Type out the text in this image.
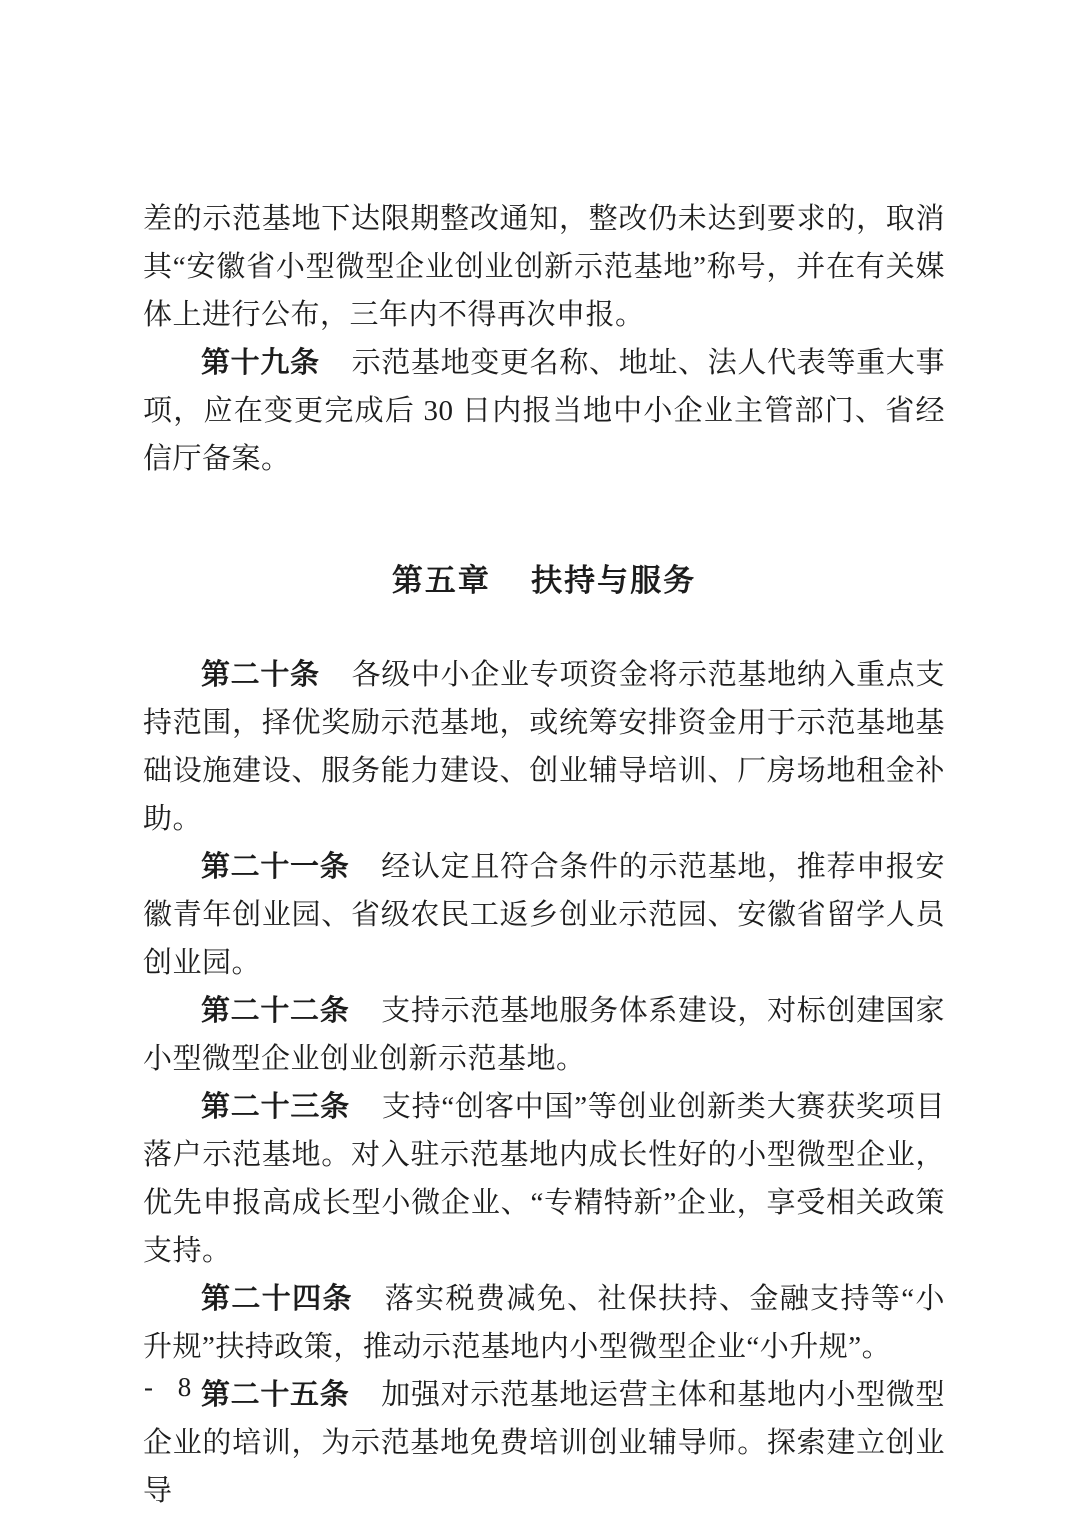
差的示范基地下达限期整改通知，整改仍未达到要求的，取消其“安徽省小型微型企业创业创新示范基地”称号，并在有关媒体上进行公布，三年内不得再次申报。

第十九条 示范基地变更名称、地址、法人代表等重大事项，应在变更完成后 30 日内报当地中小企业主管部门、省经信厅备案。

第五章 扶持与服务

第二十条 各级中小企业专项资金将示范基地纳入重点支持范围，择优奖励示范基地，或统筹安排资金用于示范基地基础设施建设、服务能力建设、创业辅导培训、厂房场地租金补助。

第二十一条 经认定且符合条件的示范基地，推荐申报安徽青年创业园、省级农民工返乡创业示范园、安徽省留学人员创业园。

第二十二条 支持示范基地服务体系建设，对标创建国家小型微型企业创业创新示范基地。

第二十三条 支持“创客中国”等创业创新类大赛获奖项目落户示范基地。对入驻示范基地内成长性好的小型微型企业，优先申报高成长型小微企业、“专精特新”企业，享受相关政策支持。

第二十四条 落实税费减免、社保扶持、金融支持等“小升规”扶持政策，推动示范基地内小型微型企业“小升规”。

第二十五条 加强对示范基地运营主体和基地内小型微型企业的培训，为示范基地免费培训创业辅导师。探索建立创业导

- 8 -
